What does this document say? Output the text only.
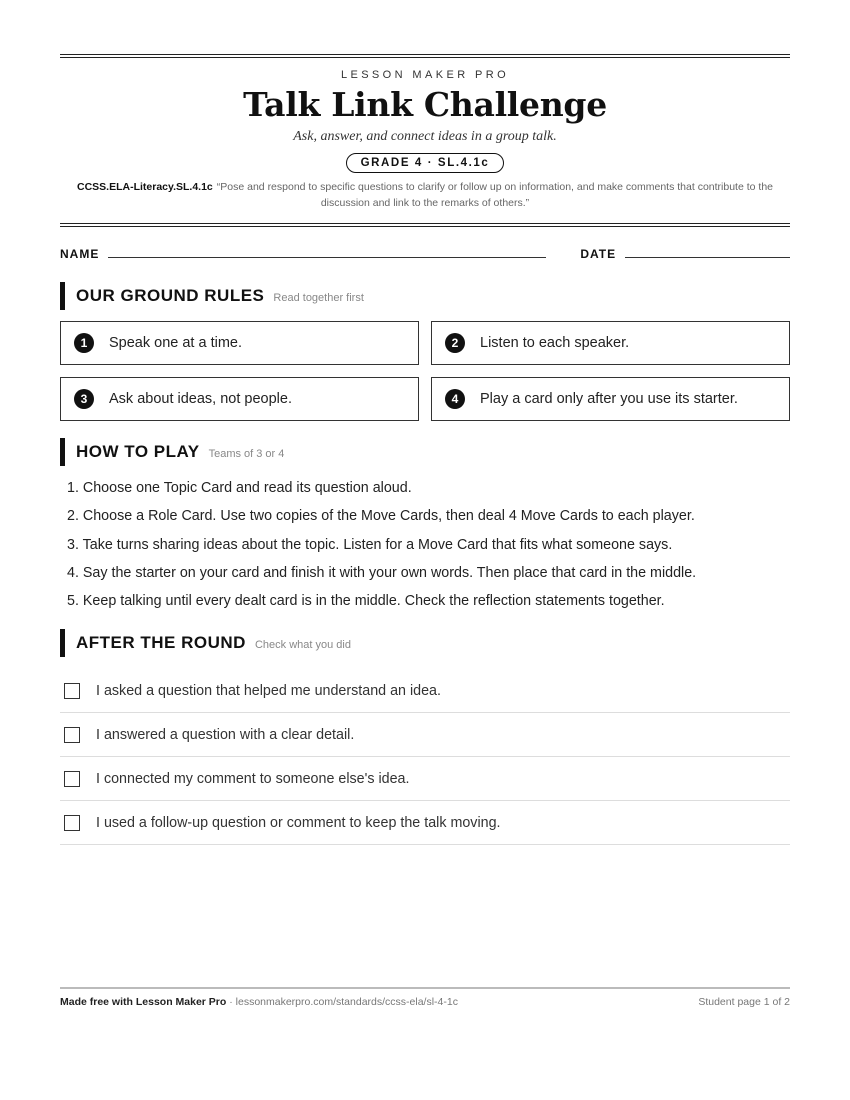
LESSON MAKER PRO
Talk Link Challenge
Ask, answer, and connect ideas in a group talk.
GRADE 4 · SL.4.1c
CCSS.ELA-Literacy.SL.4.1c “Pose and respond to specific questions to clarify or follow up on information, and make comments that contribute to the discussion and link to the remarks of others.”
NAME	DATE
OUR GROUND RULES Read together first
1	Speak one at a time.	2	Listen to each speaker.
3	Ask about ideas, not people.	4	Play a card only after you use its starter.
HOW TO PLAY Teams of 3 or 4
1. Choose one Topic Card and read its question aloud.
2. Choose a Role Card. Use two copies of the Move Cards, then deal 4 Move Cards to each player.
3. Take turns sharing ideas about the topic. Listen for a Move Card that fits what someone says.
4. Say the starter on your card and finish it with your own words. Then place that card in the middle.
5. Keep talking until every dealt card is in the middle. Check the reflection statements together.
AFTER THE ROUND Check what you did
I asked a question that helped me understand an idea.
I answered a question with a clear detail.
I connected my comment to someone else's idea.
I used a follow-up question or comment to keep the talk moving.
Made free with Lesson Maker Pro · lessonmakerpro.com/standards/ccss-ela/sl-4-1c	Student page 1 of 2
